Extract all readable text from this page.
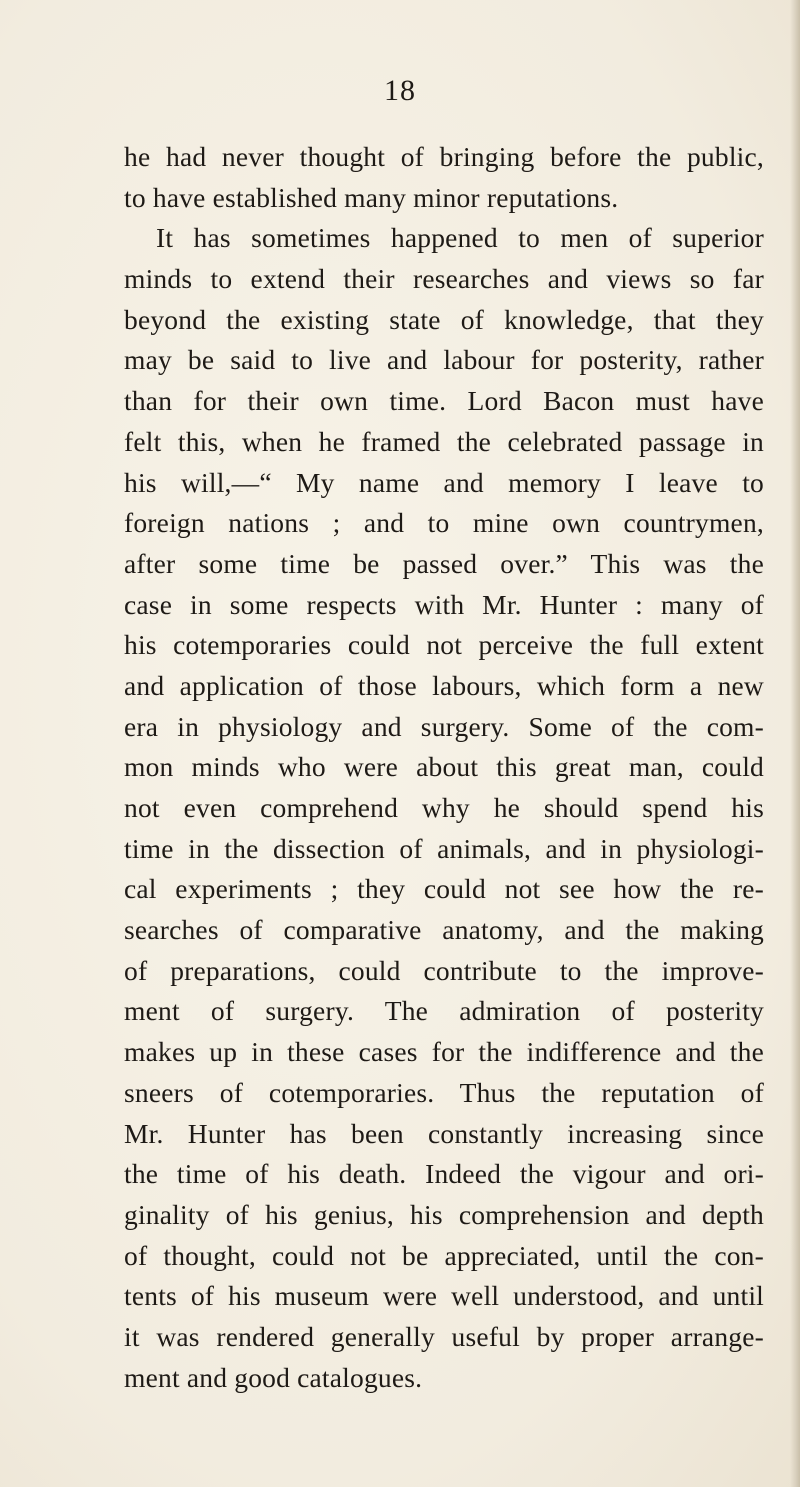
18
he had never thought of bringing before the public,
to have established many minor reputations.
It has sometimes happened to men of superior
minds to extend their researches and views so far
beyond the existing state of knowledge, that they
may be said to live and labour for posterity, rather
than for their own time. Lord Bacon must have
felt this, when he framed the celebrated passage in
his will,—“ My name and memory I leave to
foreign nations ; and to mine own countrymen,
after some time be passed over.” This was the
case in some respects with Mr. Hunter : many of
his cotemporaries could not perceive the full extent
and application of those labours, which form a new
era in physiology and surgery. Some of the com-
mon minds who were about this great man, could
not even comprehend why he should spend his
time in the dissection of animals, and in physiologi-
cal experiments ; they could not see how the re-
searches of comparative anatomy, and the making
of preparations, could contribute to the improve-
ment of surgery. The admiration of posterity
makes up in these cases for the indifference and the
sneers of cotemporaries. Thus the reputation of
Mr. Hunter has been constantly increasing since
the time of his death. Indeed the vigour and ori-
ginality of his genius, his comprehension and depth
of thought, could not be appreciated, until the con-
tents of his museum were well understood, and until
it was rendered generally useful by proper arrange-
ment and good catalogues.
